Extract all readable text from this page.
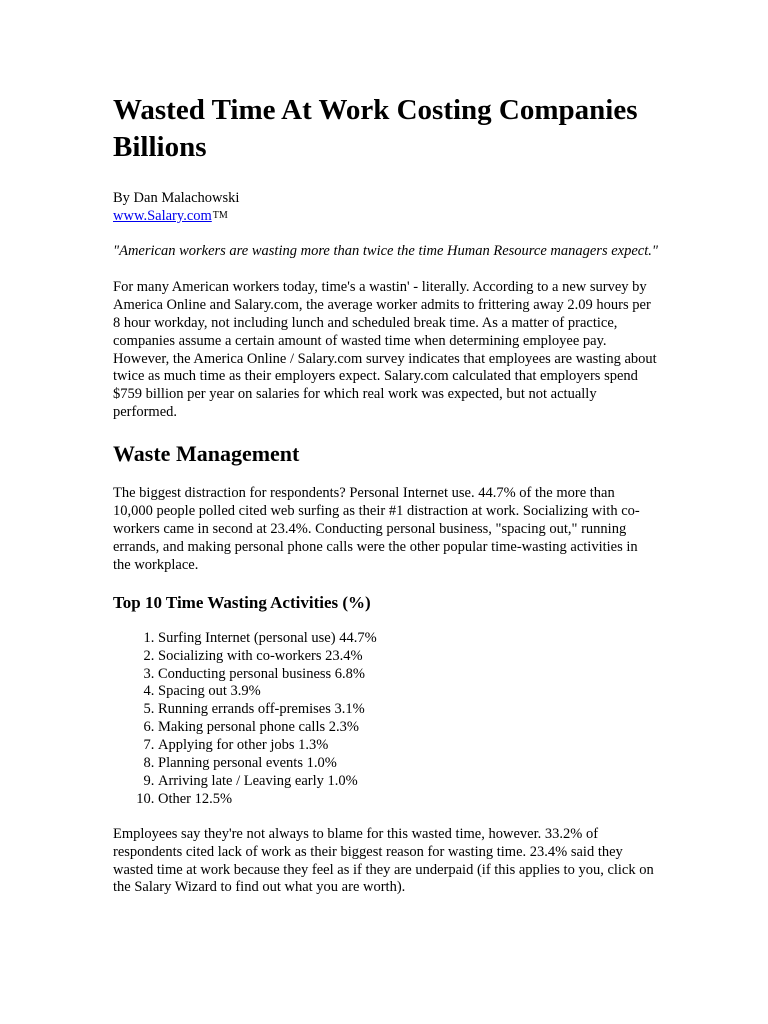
Wasted Time At Work Costing Companies Billions
By Dan Malachowski
www.Salary.comTM

"American workers are wasting more than twice the time Human Resource managers expect."

For many American workers today, time's a wastin' - literally. According to a new survey by America Online and Salary.com, the average worker admits to frittering away 2.09 hours per 8 hour workday, not including lunch and scheduled break time. As a matter of practice, companies assume a certain amount of wasted time when determining employee pay. However, the America Online / Salary.com survey indicates that employees are wasting about twice as much time as their employers expect. Salary.com calculated that employers spend $759 billion per year on salaries for which real work was expected, but not actually performed.

Waste Management

The biggest distraction for respondents? Personal Internet use. 44.7% of the more than 10,000 people polled cited web surfing as their #1 distraction at work. Socializing with co-workers came in second at 23.4%. Conducting personal business, "spacing out," running errands, and making personal phone calls were the other popular time-wasting activities in the workplace.

Top 10 Time Wasting Activities (%)
1. Surfing Internet (personal use) 44.7%
2. Socializing with co-workers 23.4%
3. Conducting personal business 6.8%
4. Spacing out 3.9%
5. Running errands off-premises 3.1%
6. Making personal phone calls 2.3%
7. Applying for other jobs 1.3%
8. Planning personal events 1.0%
9. Arriving late / Leaving early 1.0%
10. Other 12.5%

Employees say they're not always to blame for this wasted time, however. 33.2% of respondents cited lack of work as their biggest reason for wasting time. 23.4% said they wasted time at work because they feel as if they are underpaid (if this applies to you, click on the Salary Wizard to find out what you are worth).
